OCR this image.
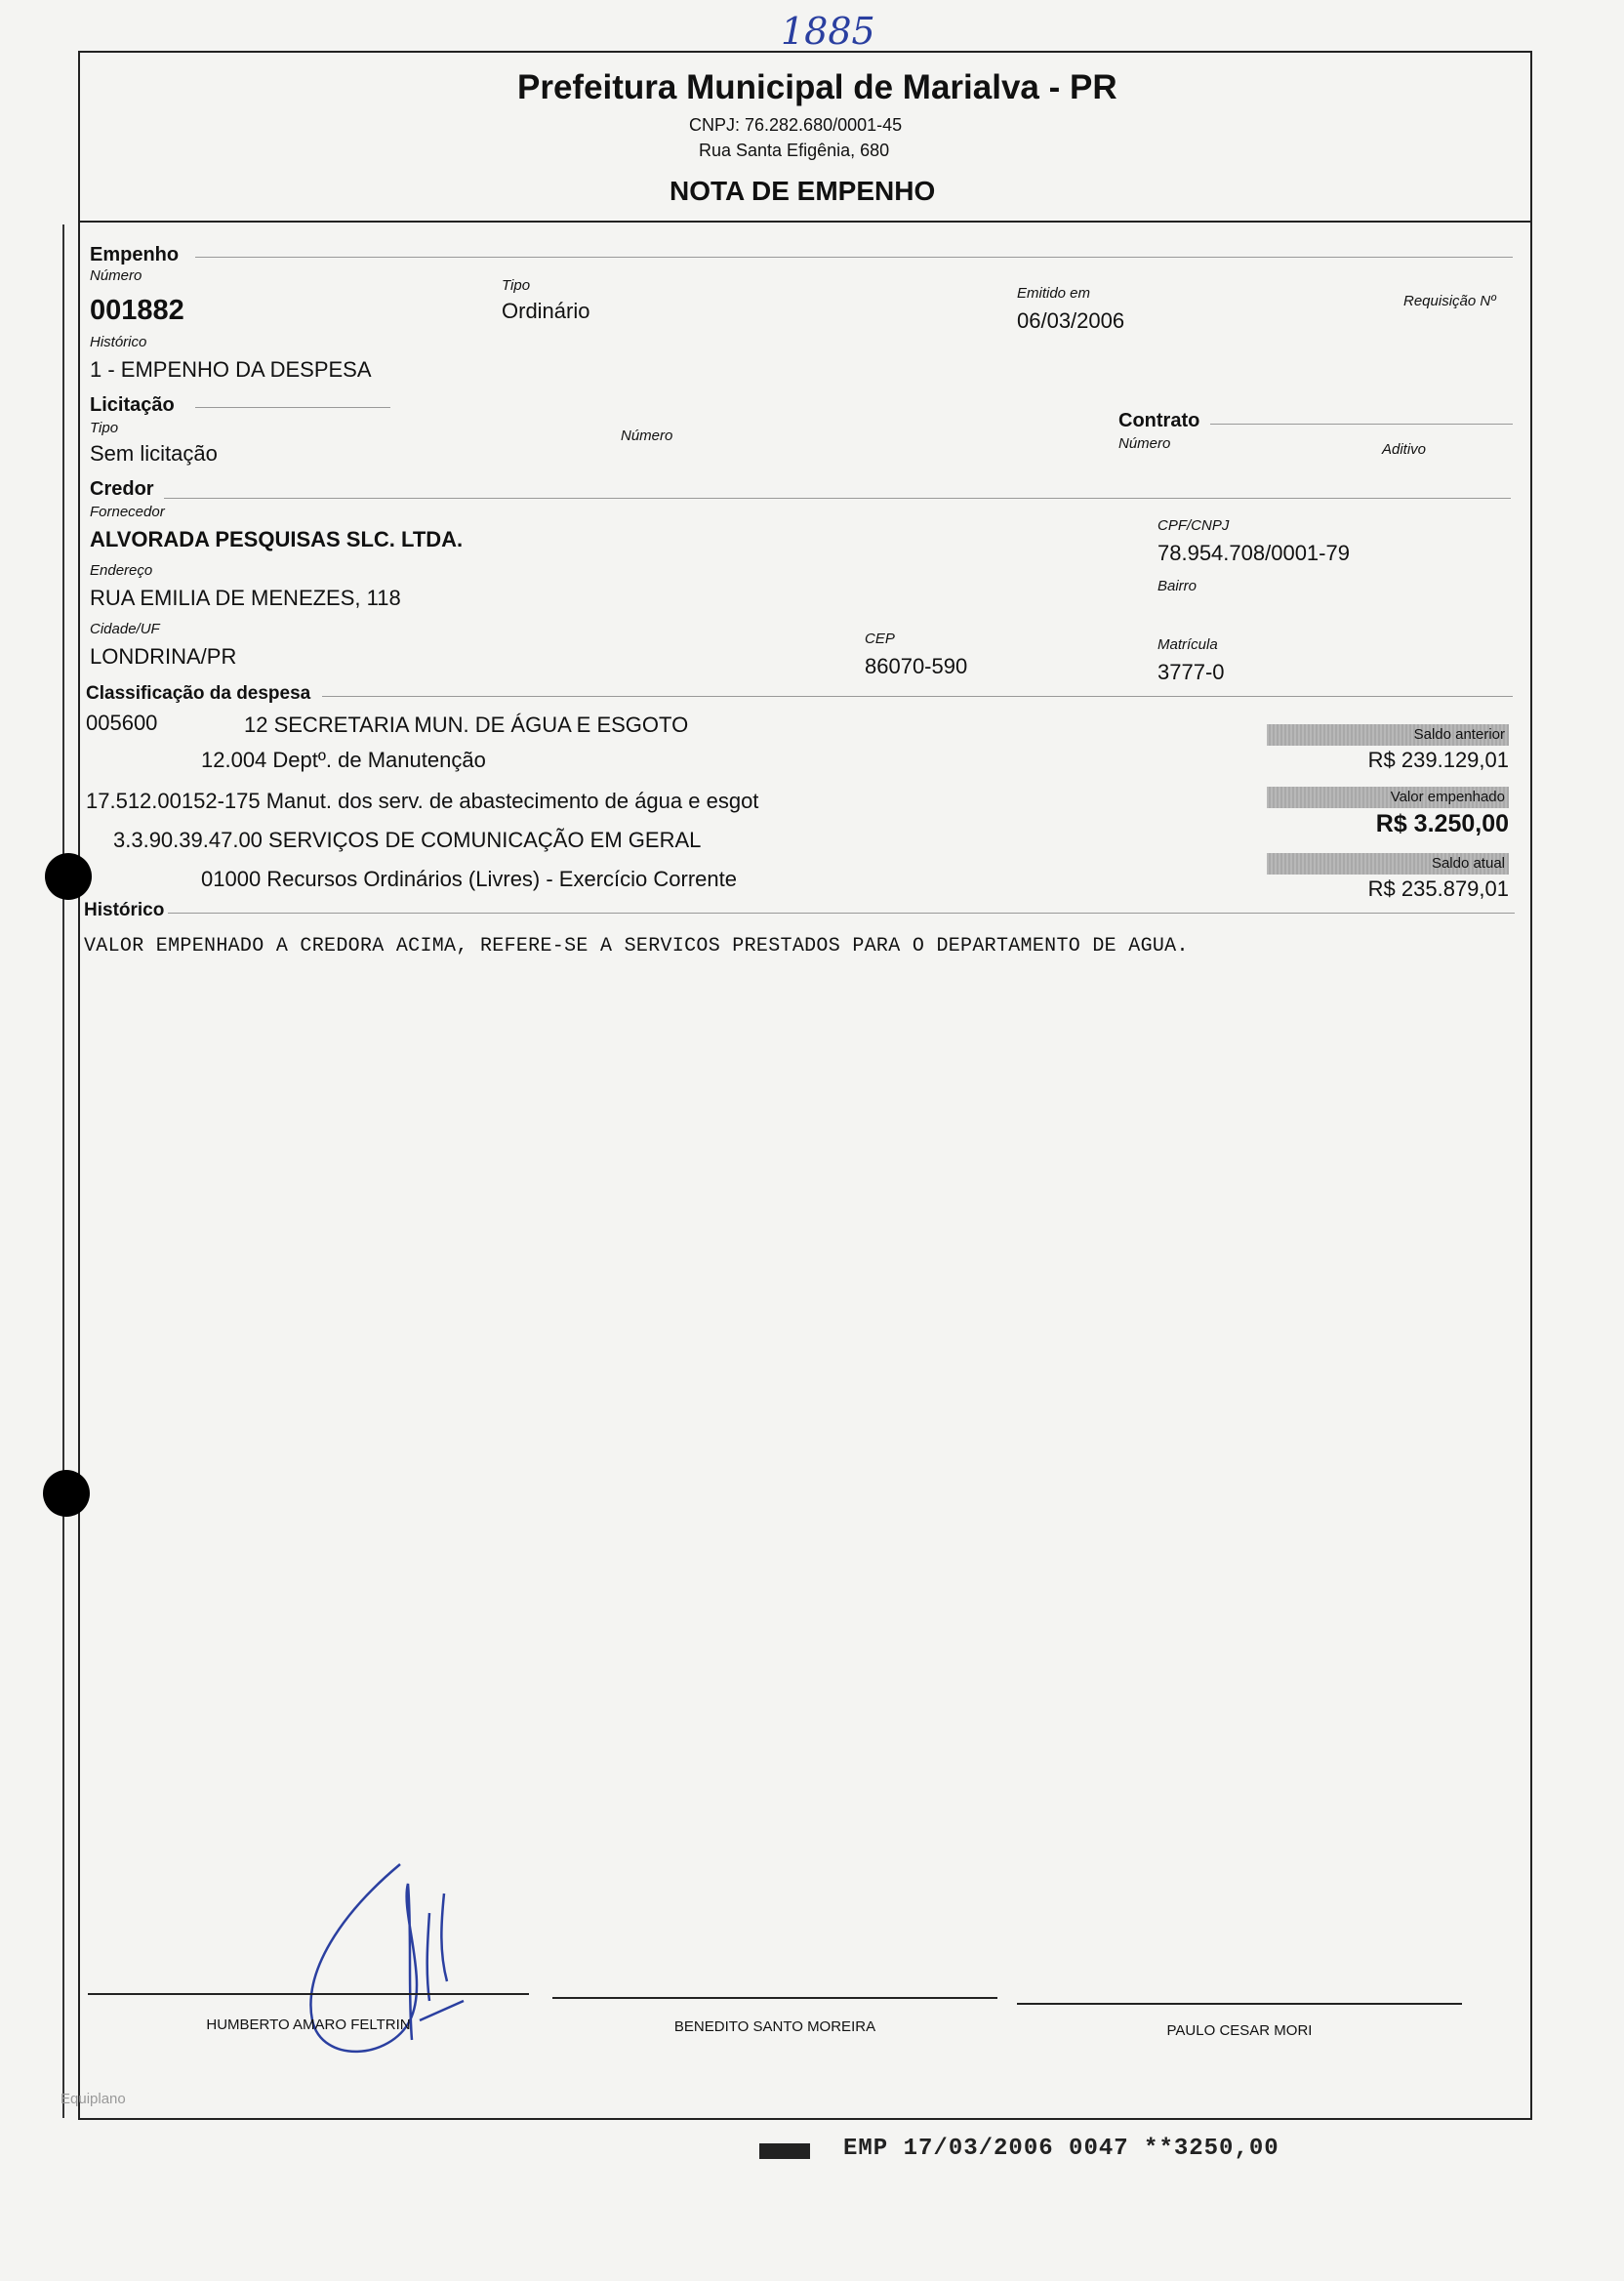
1885
Prefeitura Municipal de Marialva - PR
CNPJ: 76.282.680/0001-45
Rua Santa Efigênia, 680
NOTA DE EMPENHO
Empenho
Número
001882
Tipo
Ordinário
Emitido em
06/03/2006
Requisição Nº
Histórico
1 - EMPENHO DA DESPESA
Licitação
Tipo
Sem licitação
Número
Contrato
Número	Aditivo
Credor
Fornecedor
ALVORADA PESQUISAS SLC. LTDA.
CPF/CNPJ
78.954.708/0001-79
Endereço
RUA EMILIA DE MENEZES, 118	Bairro
Cidade/UF
LONDRINA/PR
CEP
86070-590
Matrícula
3777-0
Classificação da despesa
005600	12 SECRETARIA MUN. DE ÁGUA E ESGOTO
12.004 Deptº. de Manutenção
17.512.00152-175 Manut. dos serv. de abastecimento de água e esgot
3.3.90.39.47.00 SERVIÇOS DE COMUNICAÇÃO EM GERAL
01000 Recursos Ordinários (Livres) - Exercício Corrente
Saldo anterior
R$ 239.129,01
Valor empenhado
R$ 3.250,00
Saldo atual
R$ 235.879,01
Histórico
VALOR EMPENHADO A CREDORA ACIMA, REFERE-SE A SERVICOS PRESTADOS PARA O DEPARTAMENTO DE AGUA.
HUMBERTO AMARO FELTRIN	BENEDITO SANTO MOREIRA	PAULO CESAR MORI
Equiplano
EMP 17/03/2006 0047 **3250,00
